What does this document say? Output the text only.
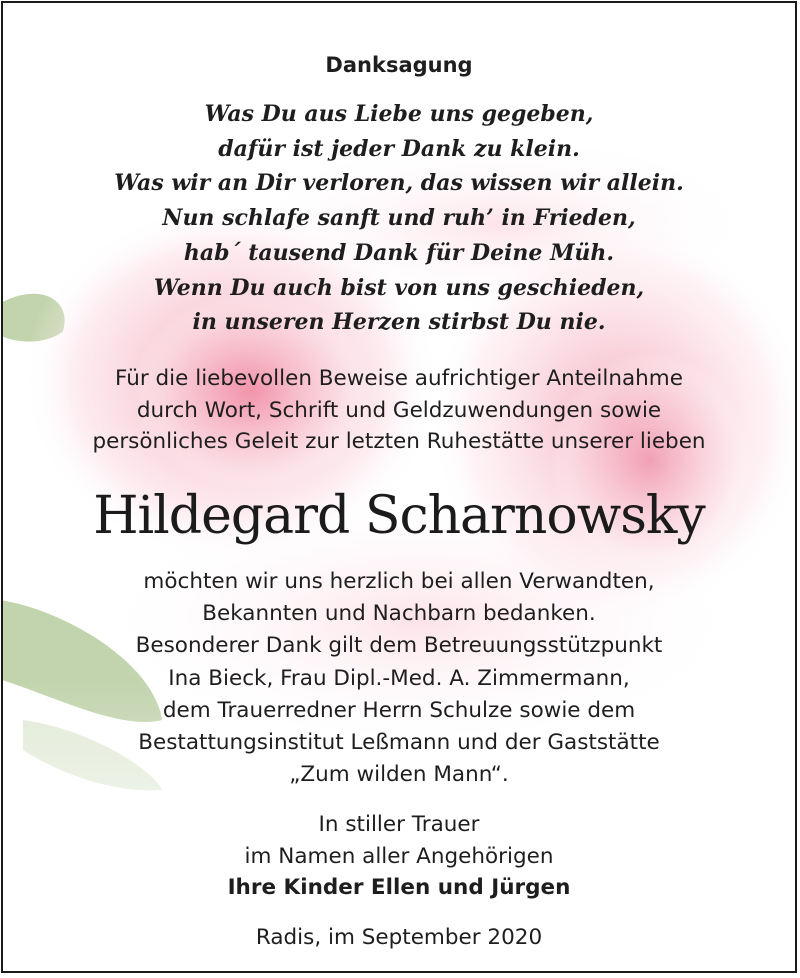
Danksagung
Was Du aus Liebe uns gegeben,
dafür ist jeder Dank zu klein.
Was wir an Dir verloren, das wissen wir allein.
Nun schlafe sanft und ruh’ in Frieden,
hab´ tausend Dank für Deine Müh.
Wenn Du auch bist von uns geschieden,
in unseren Herzen stirbst Du nie.
Für die liebevollen Beweise aufrichtiger Anteilnahme
durch Wort, Schrift und Geldzuwendungen sowie
persönliches Geleit zur letzten Ruhestätte unserer lieben
Hildegard Scharnowsky
möchten wir uns herzlich bei allen Verwandten,
Bekannten und Nachbarn bedanken.
Besonderer Dank gilt dem Betreuungsstützpunkt
Ina Bieck, Frau Dipl.-Med. A. Zimmermann,
dem Trauerredner Herrn Schulze sowie dem
Bestattungsinstitut Leßmann und der Gaststätte
„Zum wilden Mann“.
In stiller Trauer
im Namen aller Angehörigen
Ihre Kinder Ellen und Jürgen
Radis, im September 2020
